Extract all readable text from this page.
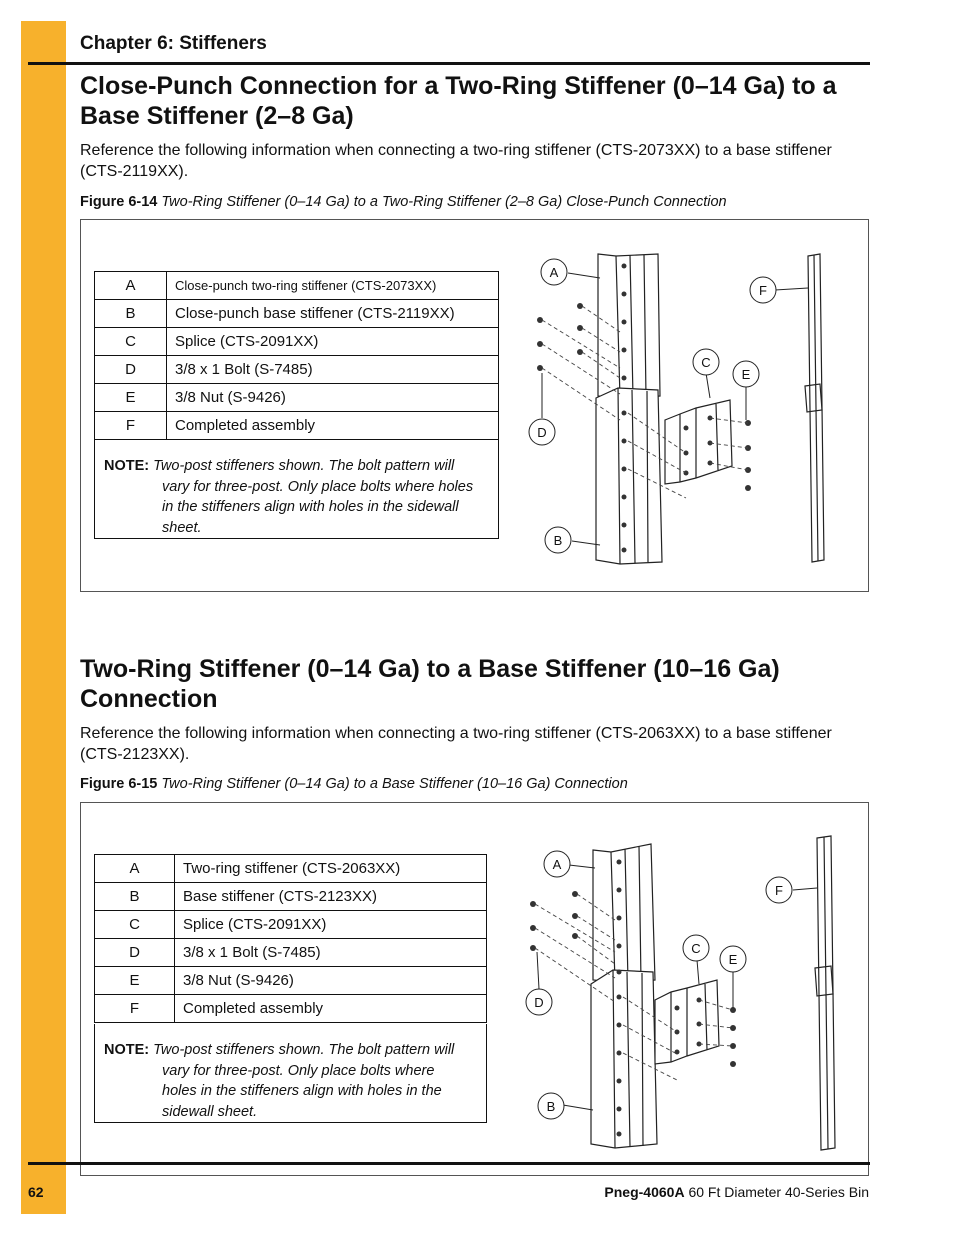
Chapter 6: Stiffeners
Close-Punch Connection for a Two-Ring Stiffener (0–14 Ga) to a
Base Stiffener (2–8 Ga)

Reference the following information when connecting a two-ring stiffener (CTS-2073XX) to a base stiffener
(CTS-2119XX).

Figure 6-14 Two-Ring Stiffener (0–14 Ga) to a Two-Ring Stiffener (2–8 Ga) Close-Punch Connection
A	Close-punch two-ring stiffener (CTS-2073XX)
B	Close-punch base stiffener (CTS-2119XX)
C	Splice (CTS-2091XX)
D	3/8 x 1 Bolt (S-7485)
E	3/8 Nut (S-9426)
F	Completed assembly
NOTE: Two-post stiffeners shown. The bolt pattern will
vary for three-post. Only place bolts where holes
in the stiffeners align with holes in the sidewall
sheet.
A
F
C
E
D
B
Two-Ring Stiffener (0–14 Ga) to a Base Stiffener (10–16 Ga)
Connection

Reference the following information when connecting a two-ring stiffener (CTS-2063XX) to a base stiffener
(CTS-2123XX).

Figure 6-15 Two-Ring Stiffener (0–14 Ga) to a Base Stiffener (10–16 Ga) Connection
A	Two-ring stiffener (CTS-2063XX)
B	Base stiffener (CTS-2123XX)
C	Splice (CTS-2091XX)
D	3/8 x 1 Bolt (S-7485)
E	3/8 Nut (S-9426)
F	Completed assembly
NOTE: Two-post stiffeners shown. The bolt pattern will
vary for three-post. Only place bolts where
holes in the stiffeners align with holes in the
sidewall sheet.
A
F
C
E
D
B
62	Pneg-4060A 60 Ft Diameter 40-Series Bin
